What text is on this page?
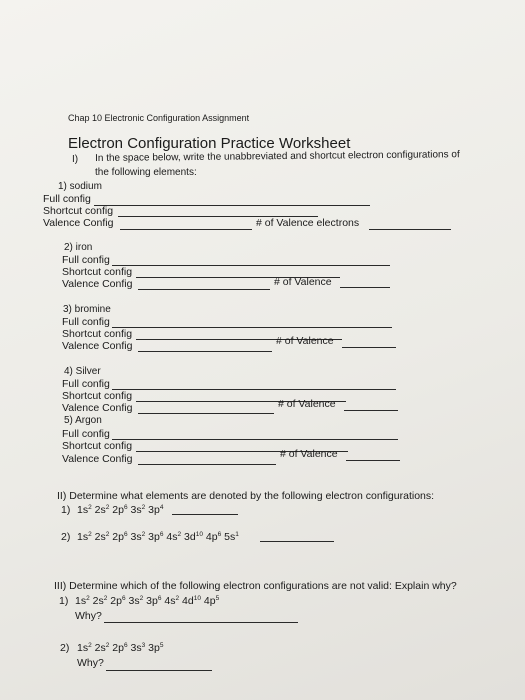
Chap 10 Electronic Configuration Assignment
Electron Configuration Practice Worksheet
I) In the space below, write the unabbreviated and shortcut electron configurations of
the following elements:
1) sodium
Full config
Shortcut config
Valence Config	# of Valence electrons
2) iron
Full config
Shortcut config
Valence Config	# of Valence
3) bromine
Full config
Shortcut config
Valence Config	# of Valence
4) Silver
Full config
Shortcut config
Valence Config	# of Valence
5) Argon
Full config
Shortcut config
Valence Config	# of Valence
II) Determine what elements are denoted by the following electron configurations:
1) $1s^2$ $2s^2$ $2p^6$ $3s^2$ $3p^4$
2) $1s^2$ $2s^2$ $2p^6$ $3s^2$ $3p^6$ $4s^2$ $3d^{10}$ $4p^6$ $5s^1$
III) Determine which of the following electron configurations are not valid: Explain why?
1) $1s^2$ $2s^2$ $2p^6$ $3s^2$ $3p^6$ $4s^2$ $4d^{10}$ $4p^5$
Why?
2) $1s^2$ $2s^2$ $2p^6$ $3s^3$ $3p^5$
Why?
